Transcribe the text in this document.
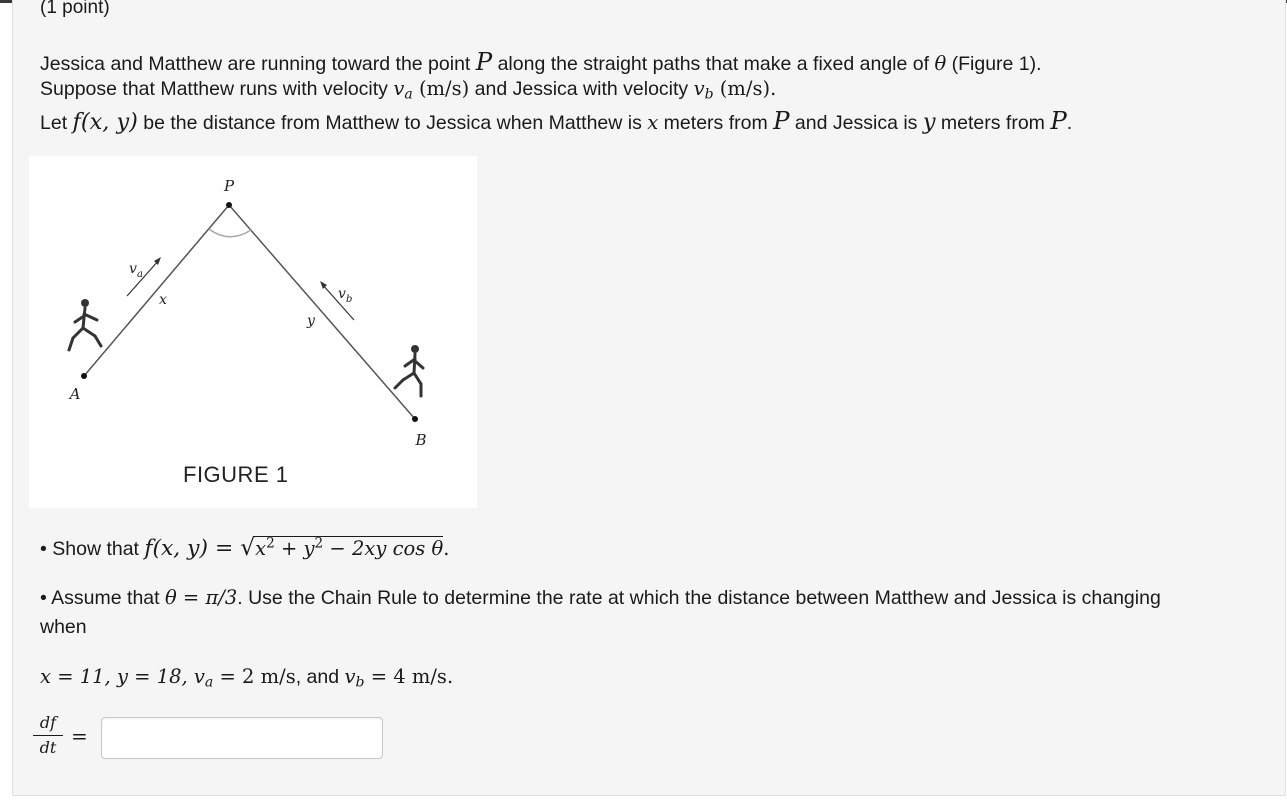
(1 point)
Jessica and Matthew are running toward the point P along the straight paths that make a fixed angle of θ (Figure 1).
Suppose that Matthew runs with velocity $v_a$ (m/s) and Jessica with velocity $v_b$ (m/s).
Let f(x, y) be the distance from Matthew to Jessica when Matthew is x meters from P and Jessica is y meters from P.
P
A
B
x
y
v a
v b
FIGURE 1
• Show that f(x, $y) = √x^2 + y^2 - 2xy$ cos θ.
• Assume that θ = π/3. Use the Chain Rule to determine the rate at which the distance between Matthew and Jessica is changing
when
x = 11, y = 18, $v_a = 2$ m/s, and $v_b = 4$ m/s.
df
dt =
